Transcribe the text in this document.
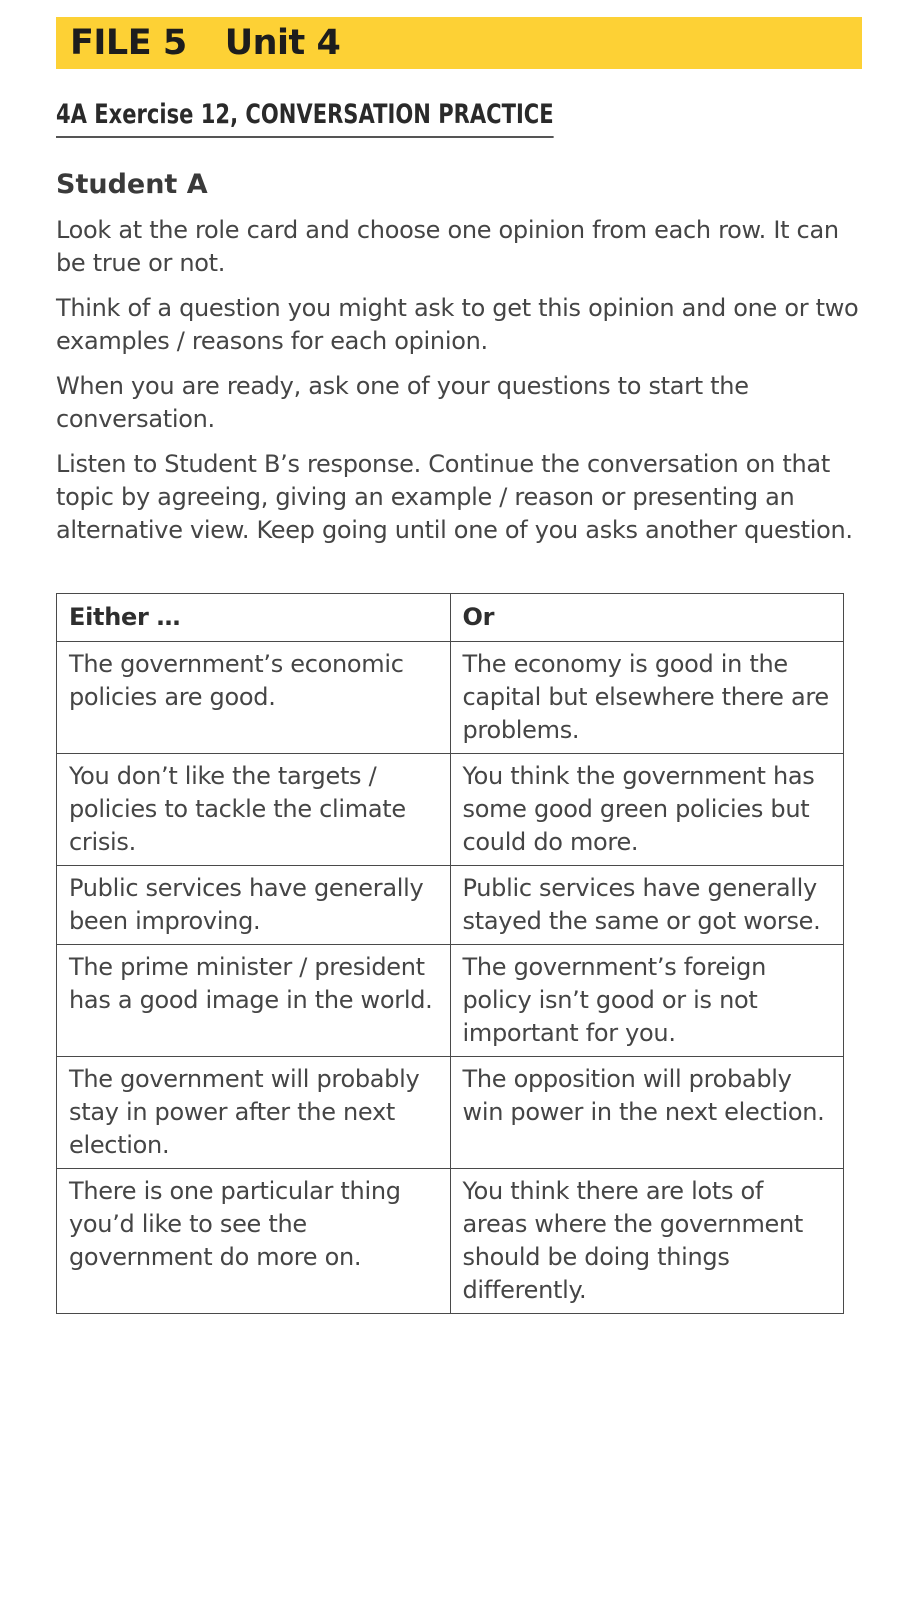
FILE 5 Unit 4
4A Exercise 12, CONVERSATION PRACTICE
Student A

Look at the role card and choose one opinion from each row. It can be true or not.

Think of a question you might ask to get this opinion and one or two examples / reasons for each opinion.

When you are ready, ask one of your questions to start the conversation.

Listen to Student B’s response. Continue the conversation on that topic by agreeing, giving an example / reason or presenting an alternative view. Keep going until one of you asks another question.

Either …	Or
The government’s economic policies are good.	The economy is good in the capital but elsewhere there are problems.
You don’t like the targets / policies to tackle the climate crisis.	You think the government has some good green policies but could do more.
Public services have generally been improving.	Public services have generally stayed the same or got worse.
The prime minister / president has a good image in the world.	The government’s foreign policy isn’t good or is not important for you.
The government will probably stay in power after the next election.	The opposition will probably win power in the next election.
There is one particular thing you’d like to see the government do more on.	You think there are lots of areas where the government should be doing things differently.
